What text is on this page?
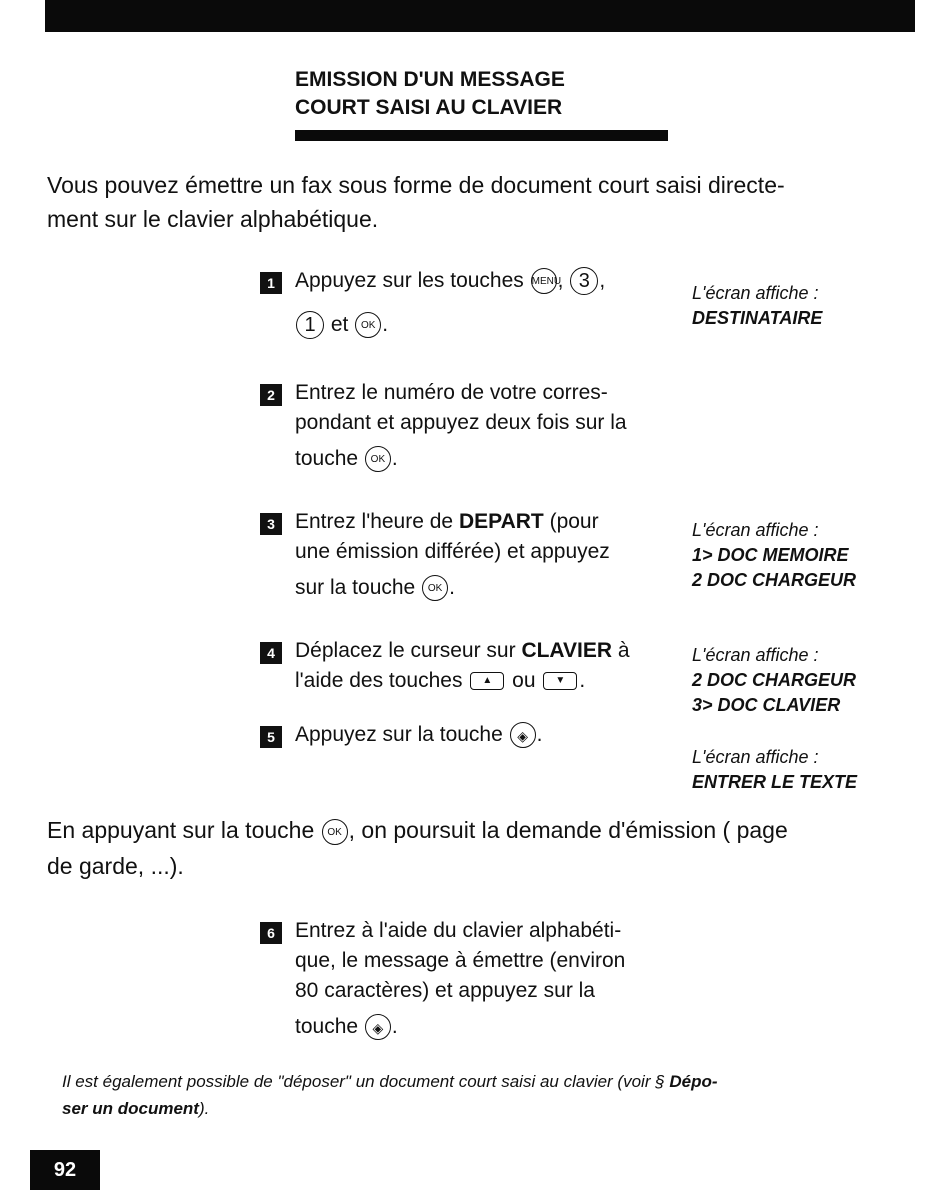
EMISSION D'UN MESSAGE
COURT SAISI AU CLAVIER

Vous pouvez émettre un fax sous forme de document court saisi directe-
ment sur le clavier alphabétique.

1 Appuyez sur les touches MENU, 3 ,
1 et OK .
2 Entrez le numéro de votre corres-
pondant et appuyez deux fois sur la

touche OK .
3 Entrez l'heure de DEPART (pour
une émission différée) et appuyez

sur la touche OK .
4 Déplacez le curseur sur CLAVIER à
l'aide des touches ▲ ou ▼ .
5 Appuyez sur la touche ◈ .
L'écran affiche :
DESTINATAIRE
L'écran affiche :
1> DOC MEMOIRE
2 DOC CHARGEUR
L'écran affiche :
2 DOC CHARGEUR
3> DOC CLAVIER
L'écran affiche :
ENTRER LE TEXTE

En appuyant sur la touche OK , on poursuit la demande d'émission ( page
de garde, ...).

6 Entrez à l'aide du clavier alphabéti-
que, le message à émettre (environ
80 caractères) et appuyez sur la

touche ◈ .

Il est également possible de "déposer" un document court saisi au clavier (voir § Dépo-
ser un document).

92
